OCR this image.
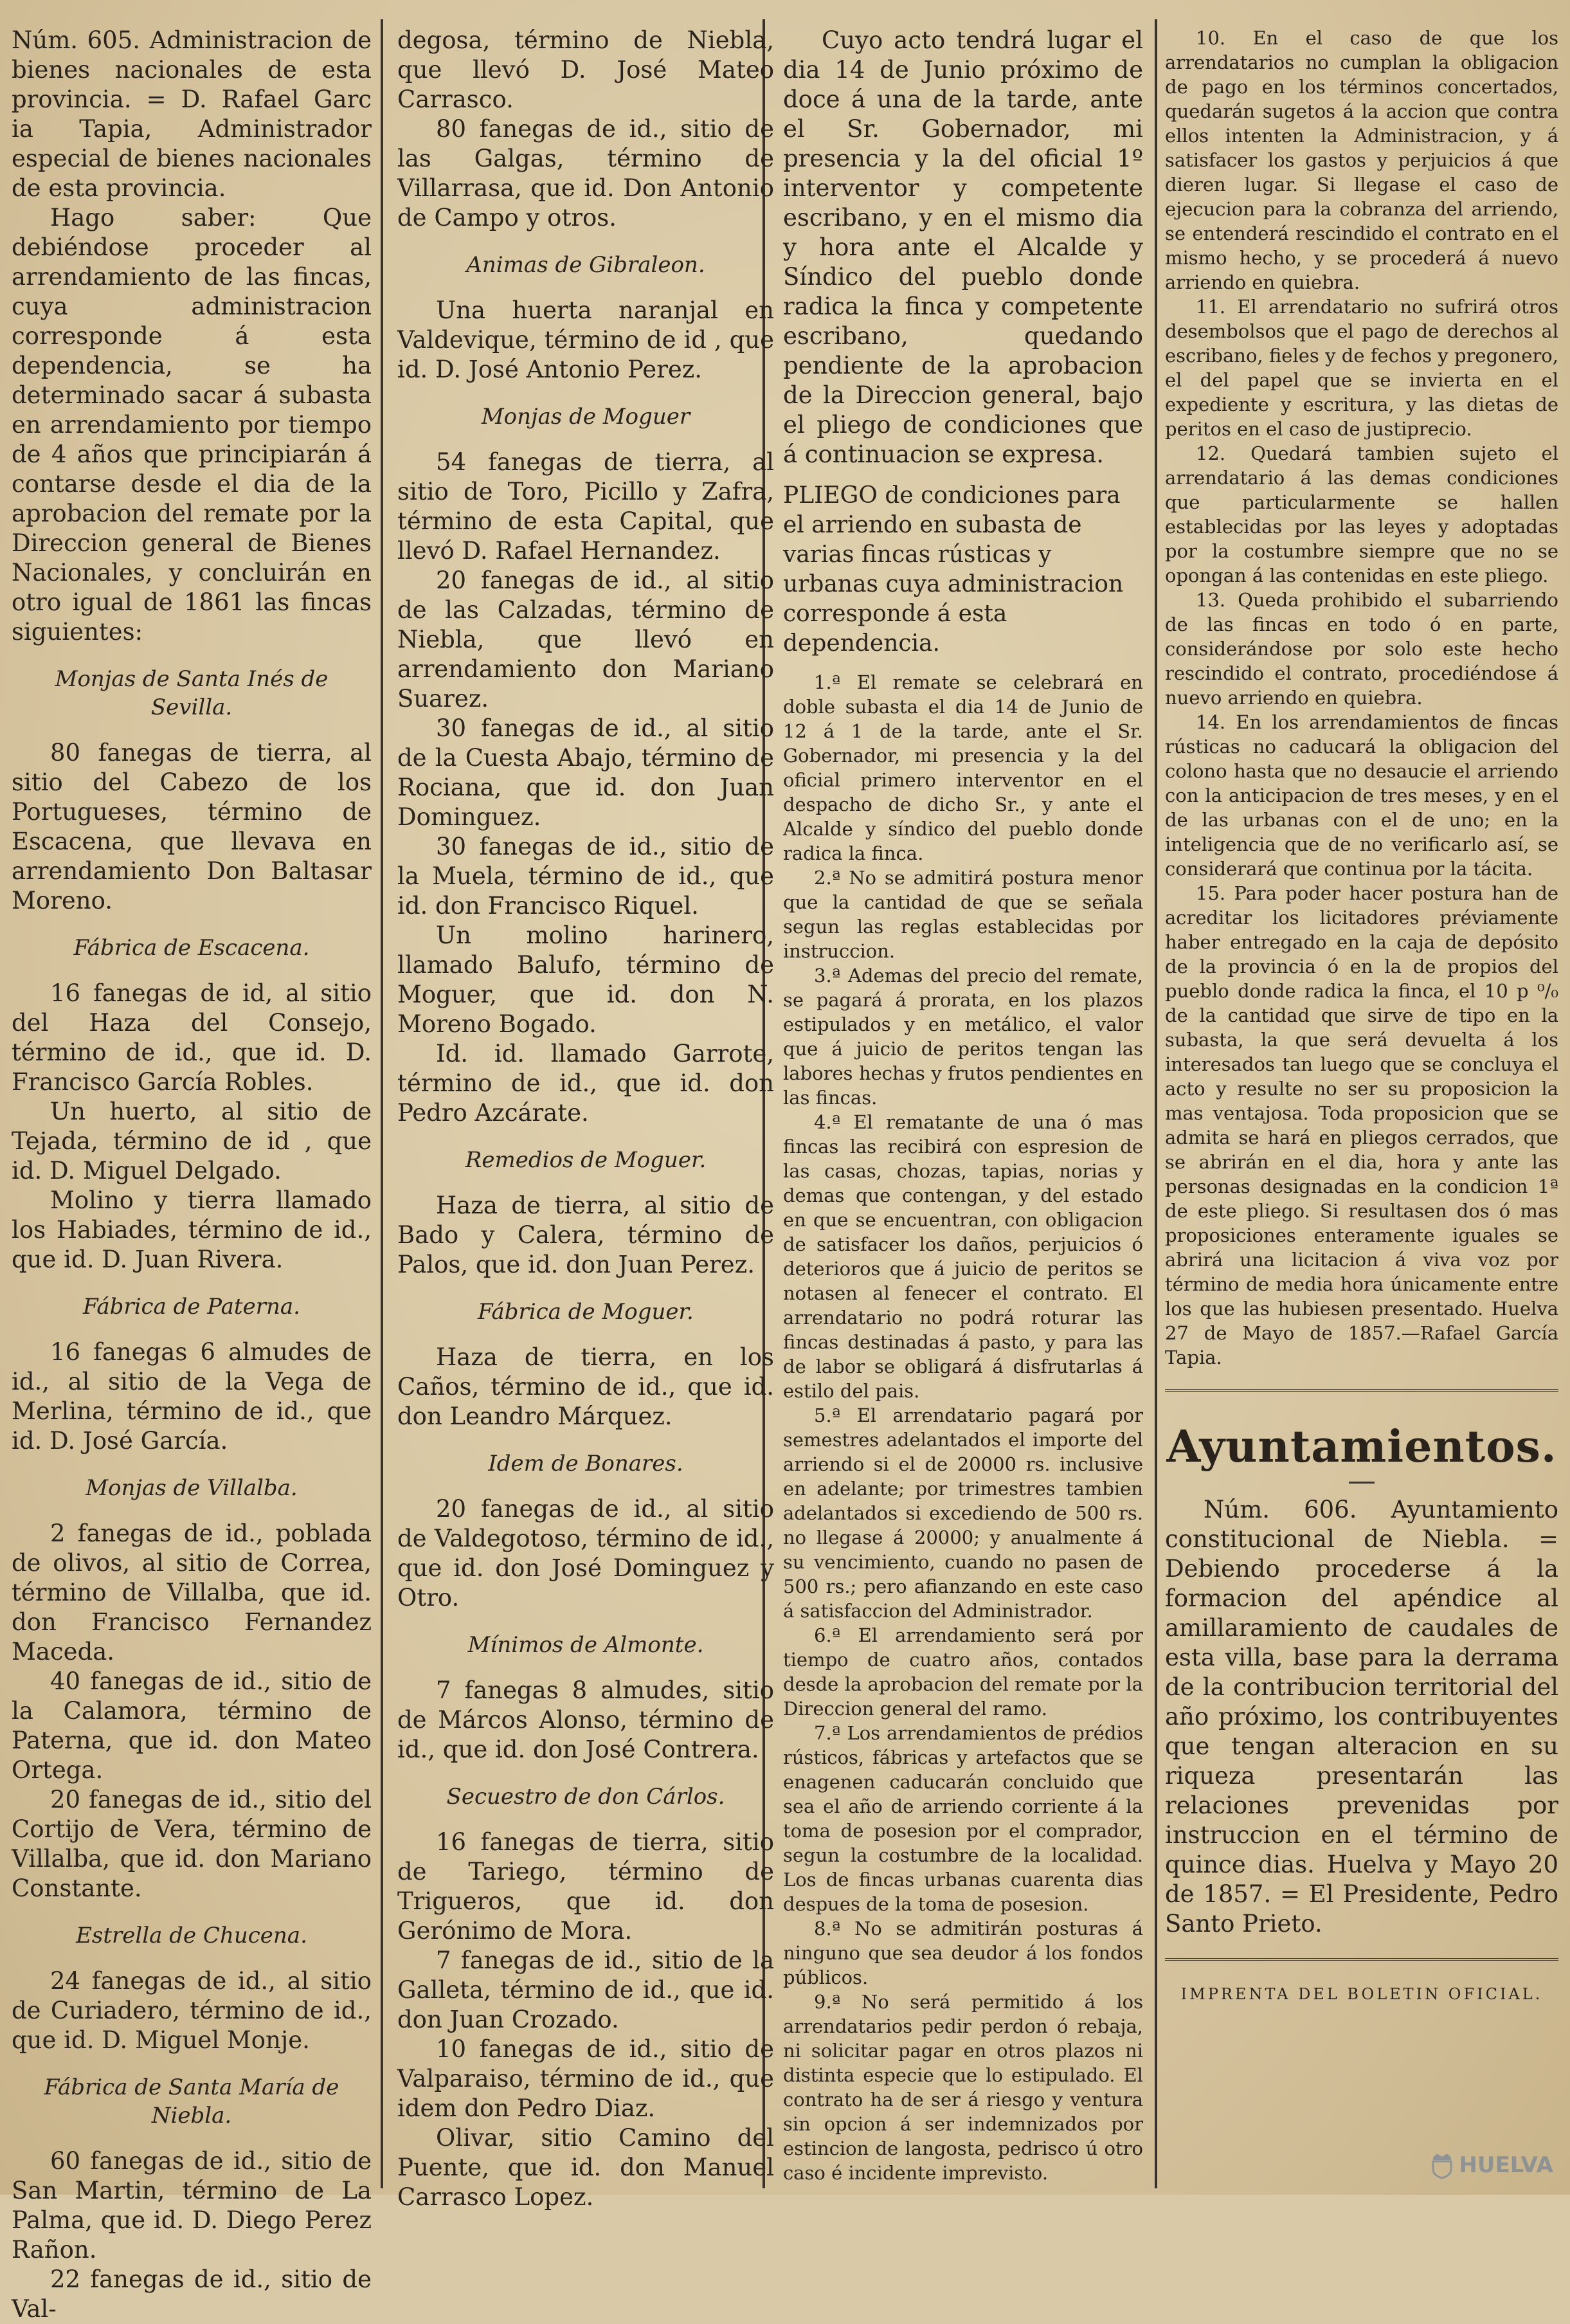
Núm. 605. Administracion de bienes nacionales de esta provincia. = D. Rafael Garc ia Tapia, Administrador especial de bienes nacionales de esta provincia.
Hago saber: Que debiéndose proceder al arrendamiento de las fincas, cuya administracion corresponde á esta dependencia, se ha determinado sacar á subasta en arrendamiento por tiempo de 4 años que principiarán á contarse desde el dia de la aprobacion del remate por la Direccion general de Bienes Nacionales, y concluirán en otro igual de 1861 las fincas siguientes:
Monjas de Santa Inés de Sevilla.
80 fanegas de tierra, al sitio del Cabezo de los Portugueses, término de Escacena, que llevava en arrendamiento Don Baltasar Moreno.
Fábrica de Escacena.
16 fanegas de id, al sitio del Haza del Consejo, término de id., que id. D. Francisco García Robles.
Un huerto, al sitio de Tejada, término de id , que id. D. Miguel Delgado.
Molino y tierra llamado los Habiades, término de id., que id. D. Juan Rivera.
Fábrica de Paterna.
16 fanegas 6 almudes de id., al sitio de la Vega de Merlina, término de id., que id. D. José García.
Monjas de Villalba.
2 fanegas de id., poblada de olivos, al sitio de Correa, término de Villalba, que id. don Francisco Fernandez Maceda.
40 fanegas de id., sitio de la Calamora, término de Paterna, que id. don Mateo Ortega.
20 fanegas de id., sitio del Cortijo de Vera, término de Villalba, que id. don Mariano Constante.
Estrella de Chucena.
24 fanegas de id., al sitio de Curiadero, término de id., que id. D. Miguel Monje.
Fábrica de Santa María de Niebla.
60 fanegas de id., sitio de San Martin, término de La Palma, que id. D. Diego Perez Rañon.
22 fanegas de id., sitio de Val-
degosa, término de Niebla, que llevó D. José Mateo Carrasco.
80 fanegas de id., sitio de las Galgas, término de Villarrasa, que id. Don Antonio de Campo y otros.
Animas de Gibraleon.
Una huerta naranjal en Valdevique, término de id , que id. D. José Antonio Perez.
Monjas de Moguer
54 fanegas de tierra, al sitio de Toro, Picillo y Zafra, término de esta Capital, que llevó D. Rafael Hernandez.
20 fanegas de id., al sitio de las Calzadas, término de Niebla, que llevó en arrendamiento don Mariano Suarez.
30 fanegas de id., al sitio de la Cuesta Abajo, término de Rociana, que id. don Juan Dominguez.
30 fanegas de id., sitio de la Muela, término de id., que id. don Francisco Riquel.
Un molino harinero, llamado Balufo, término de Moguer, que id. don N. Moreno Bogado.
Id. id. llamado Garrote, término de id., que id. don Pedro Azcárate.
Remedios de Moguer.
Haza de tierra, al sitio de Bado y Calera, término de Palos, que id. don Juan Perez.
Fábrica de Moguer.
Haza de tierra, en los Caños, término de id., que id. don Leandro Márquez.
Idem de Bonares.
20 fanegas de id., al sitio de Valdegotoso, término de id., que id. don José Dominguez y Otro.
Mínimos de Almonte.
7 fanegas 8 almudes, sitio de Márcos Alonso, término de id., que id. don José Contrera.
Secuestro de don Cárlos.
16 fanegas de tierra, sitio de Tariego, término de Trigueros, que id. don Gerónimo de Mora.
7 fanegas de id., sitio de la Galleta, término de id., que id. don Juan Crozado.
10 fanegas de id., sitio de Valparaiso, término de id., que idem don Pedro Diaz.
Olivar, sitio Camino del Puente, que id. don Manuel Carrasco Lopez.
Cuyo acto tendrá lugar el dia 14 de Junio próximo de doce á una de la tarde, ante el Sr. Gobernador, mi presencia y la del oficial 1º interventor y competente escribano, y en el mismo dia y hora ante el Alcalde y Síndico del pueblo donde radica la finca y competente escribano, quedando pendiente de la aprobacion de la Direccion general, bajo el pliego de condiciones que á continuacion se expresa.
PLIEGO de condiciones para el arriendo en subasta de varias fincas rústicas y urbanas cuya administracion corresponde á esta dependencia.
1.ª El remate se celebrará en doble subasta el dia 14 de Junio de 12 á 1 de la tarde, ante el Sr. Gobernador, mi presencia y la del oficial primero interventor en el despacho de dicho Sr., y ante el Alcalde y síndico del pueblo donde radica la finca.
2.ª No se admitirá postura menor que la cantidad de que se señala segun las reglas establecidas por instruccion.
3.ª Ademas del precio del remate, se pagará á prorata, en los plazos estipulados y en metálico, el valor que á juicio de peritos tengan las labores hechas y frutos pendientes en las fincas.
4.ª El rematante de una ó mas fincas las recibirá con espresion de las casas, chozas, tapias, norias y demas que contengan, y del estado en que se encuentran, con obligacion de satisfacer los daños, perjuicios ó deterioros que á juicio de peritos se notasen al fenecer el contrato. El arrendatario no podrá roturar las fincas destinadas á pasto, y para las de labor se obligará á disfrutarlas á estilo del pais.
5.ª El arrendatario pagará por semestres adelantados el importe del arriendo si el de 20000 rs. inclusive en adelante; por trimestres tambien adelantados si excediendo de 500 rs. no llegase á 20000; y anualmente á su vencimiento, cuando no pasen de 500 rs.; pero afianzando en este caso á satisfaccion del Administrador.
6.ª El arrendamiento será por tiempo de cuatro años, contados desde la aprobacion del remate por la Direccion general del ramo.
7.ª Los arrendamientos de prédios rústicos, fábricas y artefactos que se enagenen caducarán concluido que sea el año de arriendo corriente á la toma de posesion por el comprador, segun la costumbre de la localidad. Los de fincas urbanas cuarenta dias despues de la toma de posesion.
8.ª No se admitirán posturas á ninguno que sea deudor á los fondos públicos.
9.ª No será permitido á los arrendatarios pedir perdon ó rebaja, ni solicitar pagar en otros plazos ni distinta especie que lo estipulado. El contrato ha de ser á riesgo y ventura sin opcion á ser indemnizados por estincion de langosta, pedrisco ú otro caso é incidente imprevisto.
10. En el caso de que los arrendatarios no cumplan la obligacion de pago en los términos concertados, quedarán sugetos á la accion que contra ellos intenten la Administracion, y á satisfacer los gastos y perjuicios á que dieren lugar. Si llegase el caso de ejecucion para la cobranza del arriendo, se entenderá rescindido el contrato en el mismo hecho, y se procederá á nuevo arriendo en quiebra.
11. El arrendatario no sufrirá otros desembolsos que el pago de derechos al escribano, fieles y de fechos y pregonero, el del papel que se invierta en el expediente y escritura, y las dietas de peritos en el caso de justiprecio.
12. Quedará tambien sujeto el arrendatario á las demas condiciones que particularmente se hallen establecidas por las leyes y adoptadas por la costumbre siempre que no se opongan á las contenidas en este pliego.
13. Queda prohibido el subarriendo de las fincas en todo ó en parte, considerándose por solo este hecho rescindido el contrato, procediéndose á nuevo arriendo en quiebra.
14. En los arrendamientos de fincas rústicas no caducará la obligacion del colono hasta que no desaucie el arriendo con la anticipacion de tres meses, y en el de las urbanas con el de uno; en la inteligencia que de no verificarlo así, se considerará que continua por la tácita.
15. Para poder hacer postura han de acreditar los licitadores préviamente haber entregado en la caja de depósito de la provincia ó en la de propios del pueblo donde radica la finca, el 10 p ⁰/₀ de la cantidad que sirve de tipo en la subasta, la que será devuelta á los interesados tan luego que se concluya el acto y resulte no ser su proposicion la mas ventajosa. Toda proposicion que se admita se hará en pliegos cerrados, que se abrirán en el dia, hora y ante las personas designadas en la condicion 1ª de este pliego. Si resultasen dos ó mas proposiciones enteramente iguales se abrirá una licitacion á viva voz por término de media hora únicamente entre los que las hubiesen presentado. Huelva 27 de Mayo de 1857.—Rafael García Tapia.
Ayuntamientos.
Núm. 606. Ayuntamiento constitucional de Niebla. = Debiendo procederse á la formacion del apéndice al amillaramiento de caudales de esta villa, base para la derrama de la contribucion territorial del año próximo, los contribuyentes que tengan alteracion en su riqueza presentarán las relaciones prevenidas por instruccion en el término de quince dias. Huelva y Mayo 20 de 1857. = El Presidente, Pedro Santo Prieto.
IMPRENTA DEL BOLETIN OFICIAL.
HUELVA
